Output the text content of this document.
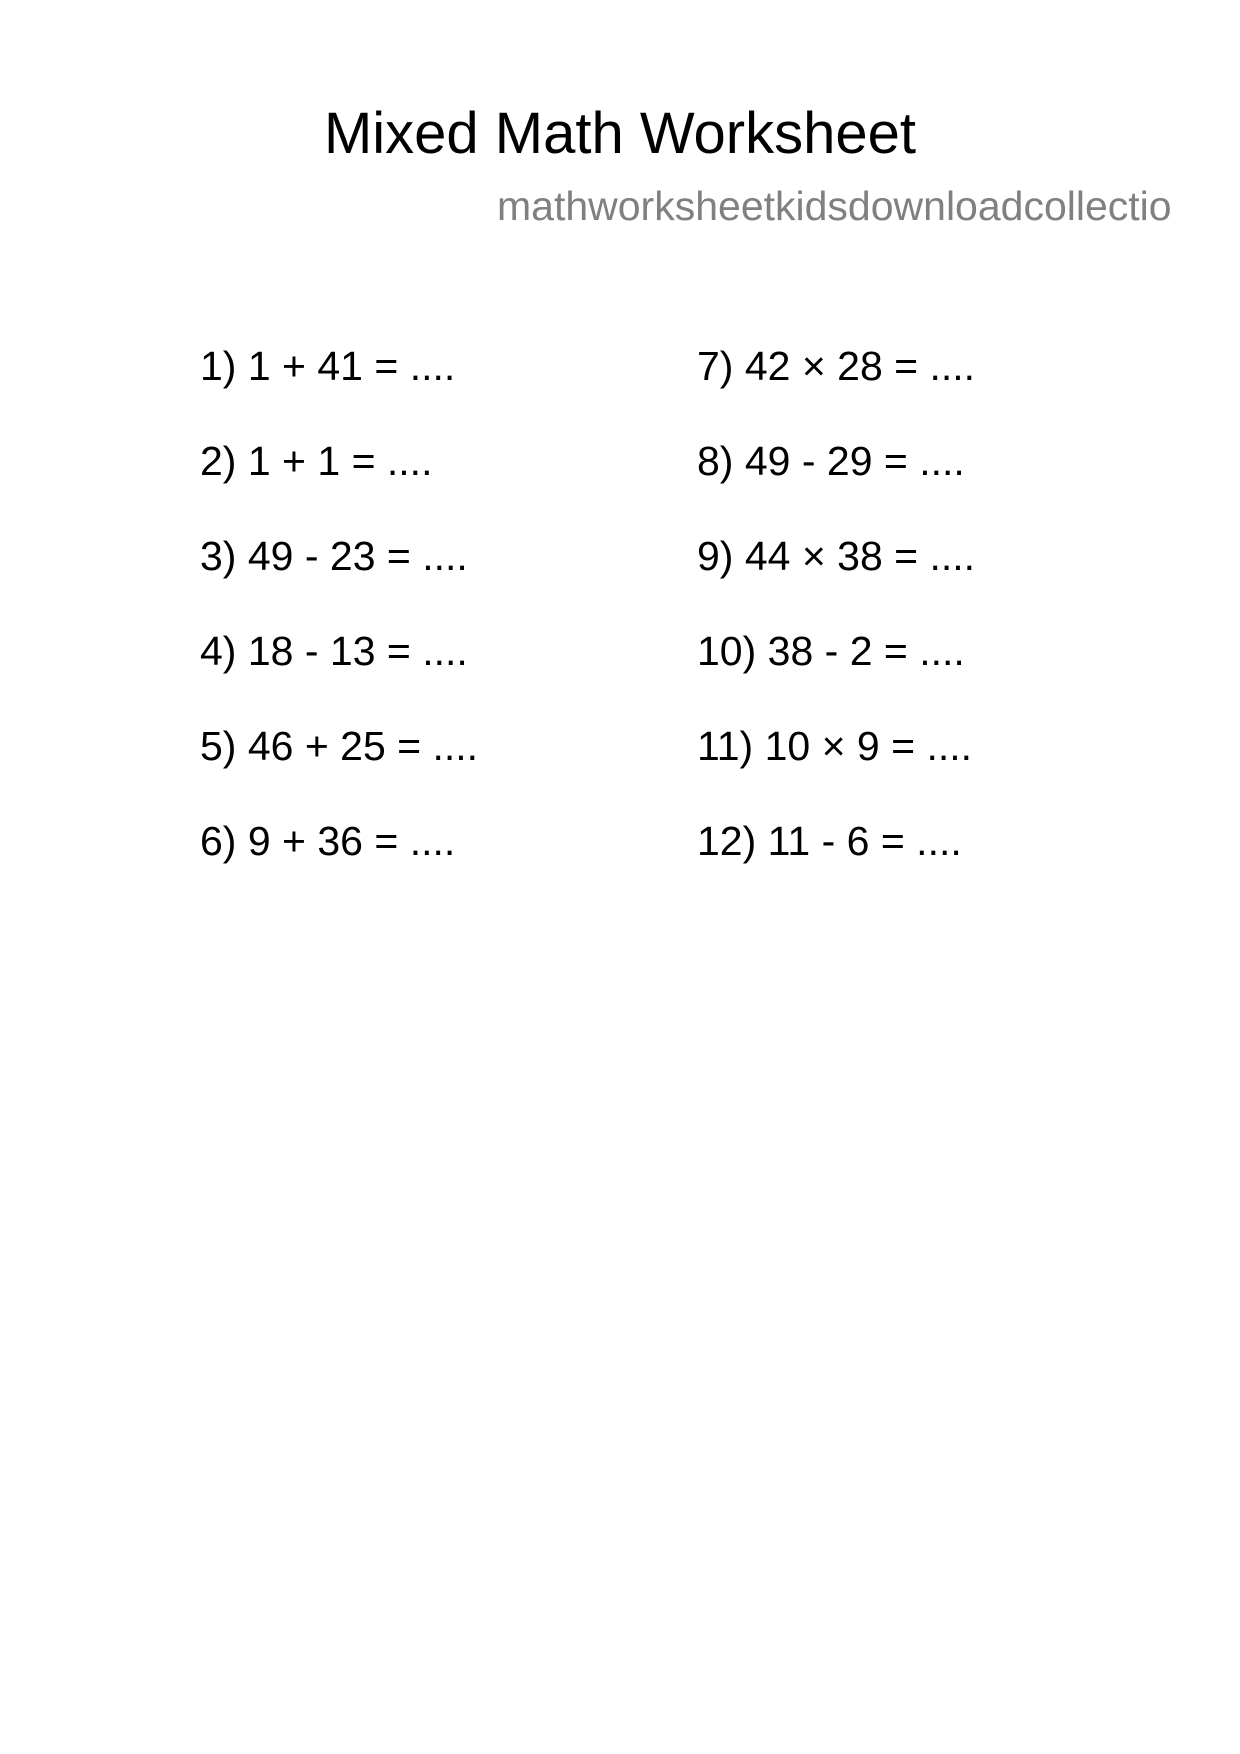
Mixed Math Worksheet
mathworksheetkidsdownloadcollectio
1) 1 + 41 = ....
2) 1 + 1 = ....
3) 49 - 23 = ....
4) 18 - 13 = ....
5) 46 + 25 = ....
6) 9 + 36 = ....
7) 42 × 28 = ....
8) 49 - 29 = ....
9) 44 × 38 = ....
10) 38 - 2 = ....
11) 10 × 9 = ....
12) 11 - 6 = ....
